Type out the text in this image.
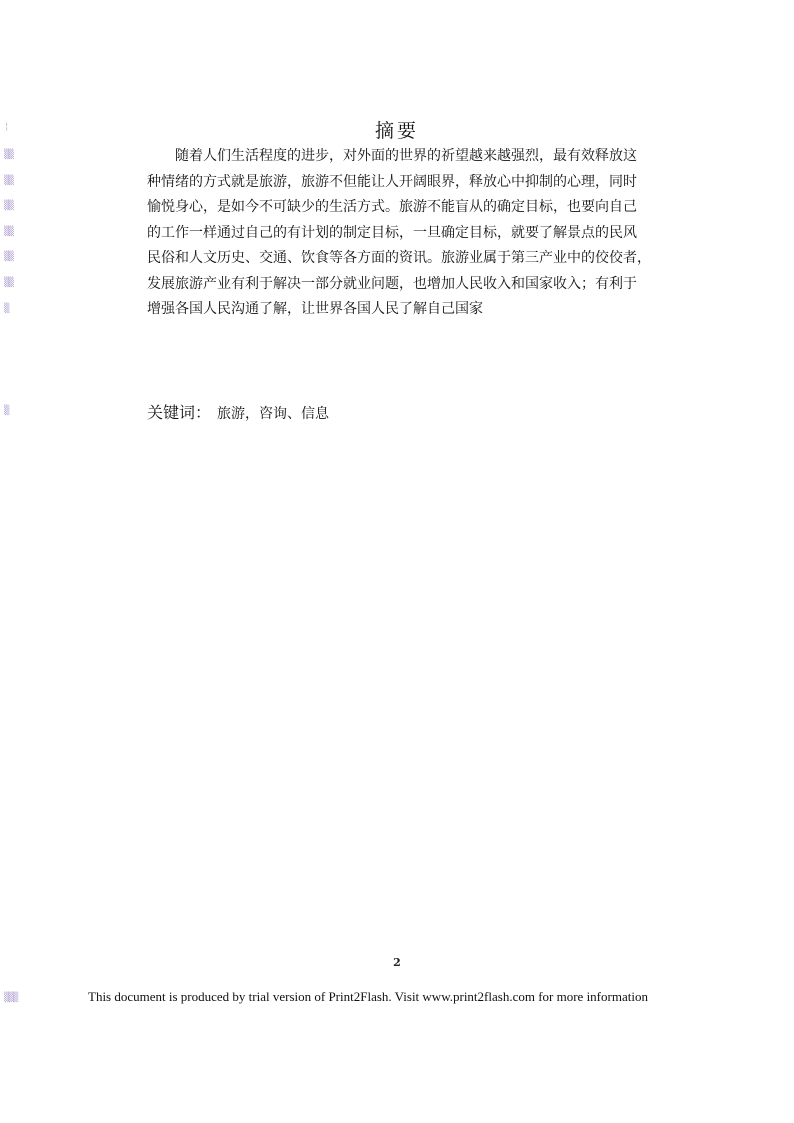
¦
▒▒
▒▒
▒▒
▒▒
▒▒
▒▒
▒
▒
▒▒▒
摘要
随着人们生活程度的进步，对外面的世界的祈望越来越强烈，最有效释放这
种情绪的方式就是旅游，旅游不但能让人开阔眼界，释放心中抑制的心理，同时
愉悦身心，是如今不可缺少的生活方式。旅游不能盲从的确定目标，也要向自己
的工作一样通过自己的有计划的制定目标，一旦确定目标，就要了解景点的民风
民俗和人文历史、交通、饮食等各方面的资讯。旅游业属于第三产业中的佼佼者，
发展旅游产业有利于解决一部分就业问题，也增加人民收入和国家收入；有利于
增强各国人民沟通了解，让世界各国人民了解自己国家
关键词： 旅游，咨询、信息
2
This document is produced by trial version of Print2Flash. Visit www.print2flash.com for more information
